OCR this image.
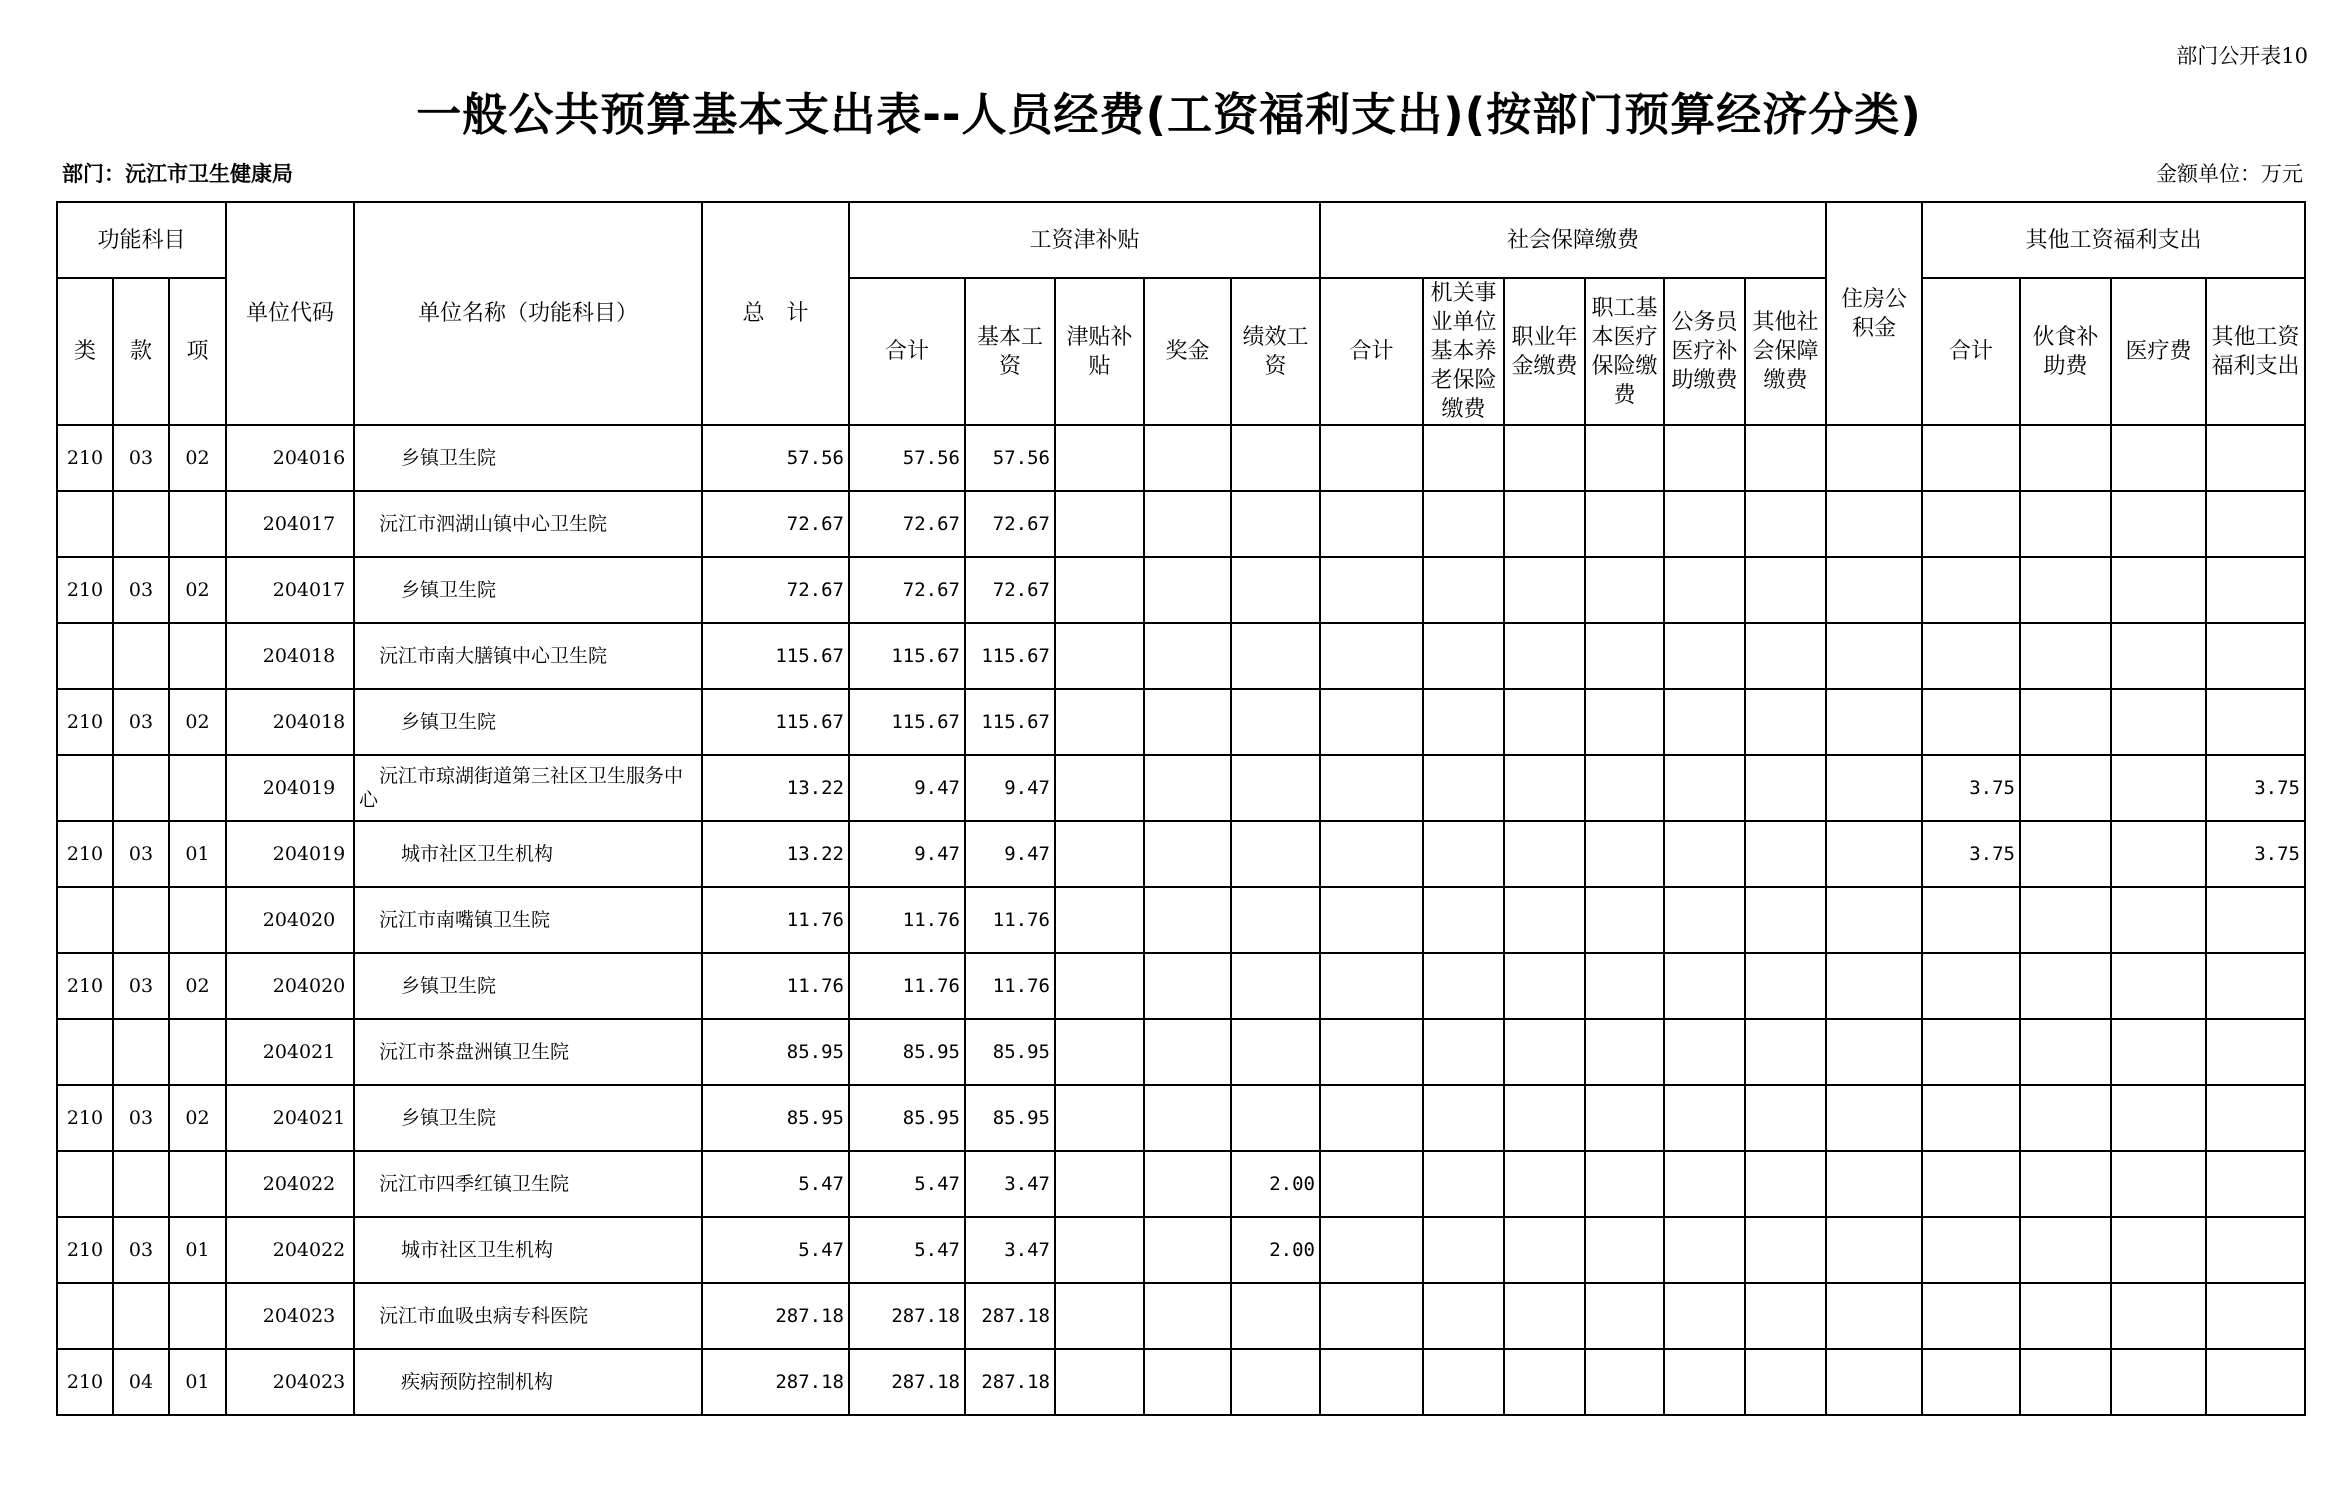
部门公开表10
一般公共预算基本支出表--人员经费(工资福利支出)(按部门预算经济分类)
部门：沅江市卫生健康局	金额单位：万元
功能科目			单位代码	单位名称（功能科目）	总　计	工资津补贴					社会保障缴费						住房公积金	其他工资福利支出			
类	款	项				合计	基本工资	津贴补贴	奖金	绩效工资	合计	机关事业单位基本养老保险缴费	职业年金缴费	职工基本医疗保险缴费	公务员医疗补助缴费	其他社会保障缴费		合计	伙食补助费	医疗费	其他工资福利支出
210	03	02	204016	乡镇卫生院	57.56	57.56	57.56														
			204017	沅江市泗湖山镇中心卫生院	72.67	72.67	72.67														
210	03	02	204017	乡镇卫生院	72.67	72.67	72.67														
			204018	沅江市南大膳镇中心卫生院	115.67	115.67	115.67														
210	03	02	204018	乡镇卫生院	115.67	115.67	115.67														
			204019	沅江市琼湖街道第三社区卫生服务中心	13.22	9.47	9.47											3.75			3.75
210	03	01	204019	城市社区卫生机构	13.22	9.47	9.47											3.75			3.75
			204020	沅江市南嘴镇卫生院	11.76	11.76	11.76														
210	03	02	204020	乡镇卫生院	11.76	11.76	11.76														
			204021	沅江市茶盘洲镇卫生院	85.95	85.95	85.95														
210	03	02	204021	乡镇卫生院	85.95	85.95	85.95														
			204022	沅江市四季红镇卫生院	5.47	5.47	3.47			2.00											
210	03	01	204022	城市社区卫生机构	5.47	5.47	3.47			2.00											
			204023	沅江市血吸虫病专科医院	287.18	287.18	287.18														
210	04	01	204023	疾病预防控制机构	287.18	287.18	287.18														
